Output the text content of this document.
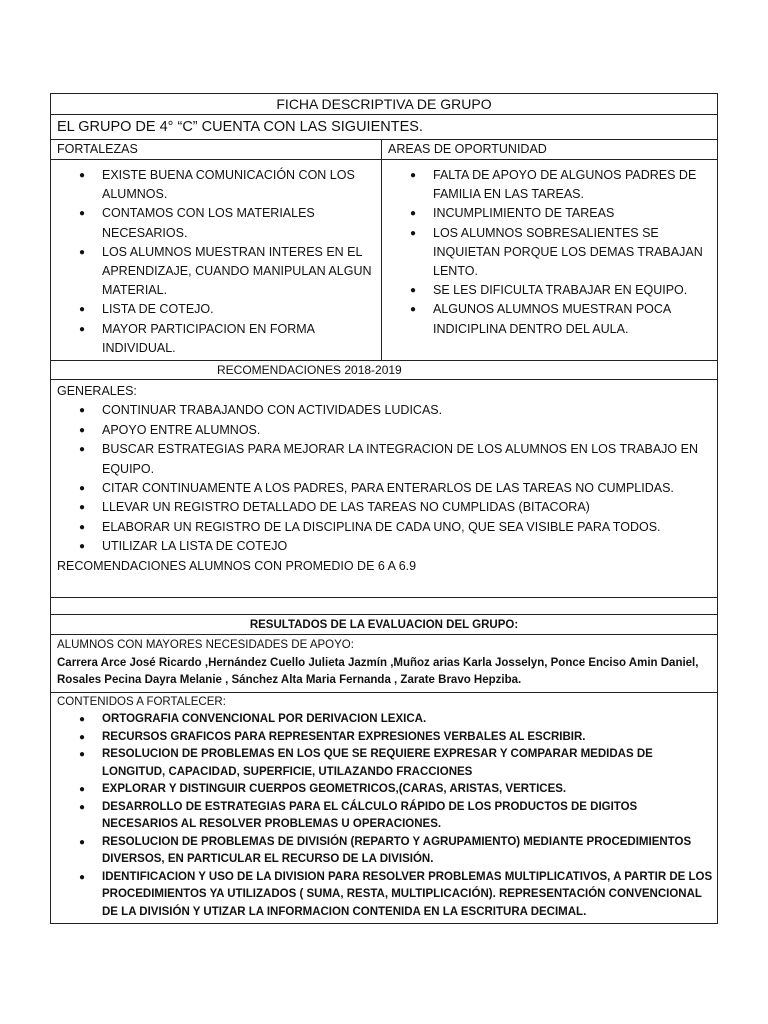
FICHA DESCRIPTIVA DE GRUPO
EL GRUPO DE 4° “C” CUENTA CON LAS SIGUIENTES.
FORTALEZAS	AREAS DE OPORTUNIDAD
● EXISTE BUENA COMUNICACIÓN CON LOS ALUMNOS.
● CONTAMOS CON LOS MATERIALES NECESARIOS.
● LOS ALUMNOS MUESTRAN INTERES EN EL APRENDIZAJE, CUANDO MANIPULAN ALGUN MATERIAL.
● LISTA DE COTEJO.
● MAYOR PARTICIPACION EN FORMA INDIVIDUAL.
● FALTA DE APOYO DE ALGUNOS PADRES DE FAMILIA EN LAS TAREAS.
● INCUMPLIMIENTO DE TAREAS
● LOS ALUMNOS SOBRESALIENTES SE INQUIETAN PORQUE LOS DEMAS TRABAJAN LENTO.
● SE LES DIFICULTA TRABAJAR EN EQUIPO.
● ALGUNOS ALUMNOS MUESTRAN POCA INDICIPLINA DENTRO DEL AULA.
RECOMENDACIONES 2018-2019
GENERALES:
● CONTINUAR TRABAJANDO CON ACTIVIDADES LUDICAS.
● APOYO ENTRE ALUMNOS.
● BUSCAR ESTRATEGIAS PARA MEJORAR LA INTEGRACION DE LOS ALUMNOS EN LOS TRABAJO EN EQUIPO.
● CITAR CONTINUAMENTE A LOS PADRES, PARA ENTERARLOS DE LAS TAREAS NO CUMPLIDAS.
● LLEVAR UN REGISTRO DETALLADO DE LAS TAREAS NO CUMPLIDAS (BITACORA)
● ELABORAR UN REGISTRO DE LA DISCIPLINA DE CADA UNO, QUE SEA VISIBLE PARA TODOS.
● UTILIZAR LA LISTA DE COTEJO
RECOMENDACIONES ALUMNOS CON PROMEDIO DE 6 A 6.9
RESULTADOS DE LA EVALUACION DEL GRUPO:
ALUMNOS CON MAYORES NECESIDADES DE APOYO:
Carrera Arce José Ricardo ,Hernández Cuello Julieta Jazmín ,Muñoz arias Karla Josselyn, Ponce Enciso Amin Daniel, Rosales Pecina Dayra Melanie , Sánchez Alta Maria Fernanda , Zarate Bravo Hepziba.
CONTENIDOS A FORTALECER:
● ORTOGRAFIA CONVENCIONAL POR DERIVACION LEXICA.
● RECURSOS GRAFICOS PARA REPRESENTAR EXPRESIONES VERBALES AL ESCRIBIR.
● RESOLUCION DE PROBLEMAS EN LOS QUE SE REQUIERE EXPRESAR Y COMPARAR MEDIDAS DE LONGITUD, CAPACIDAD, SUPERFICIE, UTILAZANDO FRACCIONES
● EXPLORAR Y DISTINGUIR CUERPOS GEOMETRICOS,(CARAS, ARISTAS, VERTICES.
● DESARROLLO DE ESTRATEGIAS PARA EL CÁLCULO RÁPIDO DE LOS PRODUCTOS DE DIGITOS NECESARIOS AL RESOLVER PROBLEMAS U OPERACIONES.
● RESOLUCION DE PROBLEMAS DE DIVISIÓN (REPARTO Y AGRUPAMIENTO) MEDIANTE PROCEDIMIENTOS DIVERSOS, EN PARTICULAR EL RECURSO DE LA DIVISIÓN.
● IDENTIFICACION Y USO DE LA DIVISION PARA RESOLVER PROBLEMAS MULTIPLICATIVOS, A PARTIR DE LOS PROCEDIMIENTOS YA UTILIZADOS ( SUMA, RESTA, MULTIPLICACIÓN). REPRESENTACIÓN CONVENCIONAL DE LA DIVISIÓN Y UTIZAR LA INFORMACION CONTENIDA EN LA ESCRITURA DECIMAL.
